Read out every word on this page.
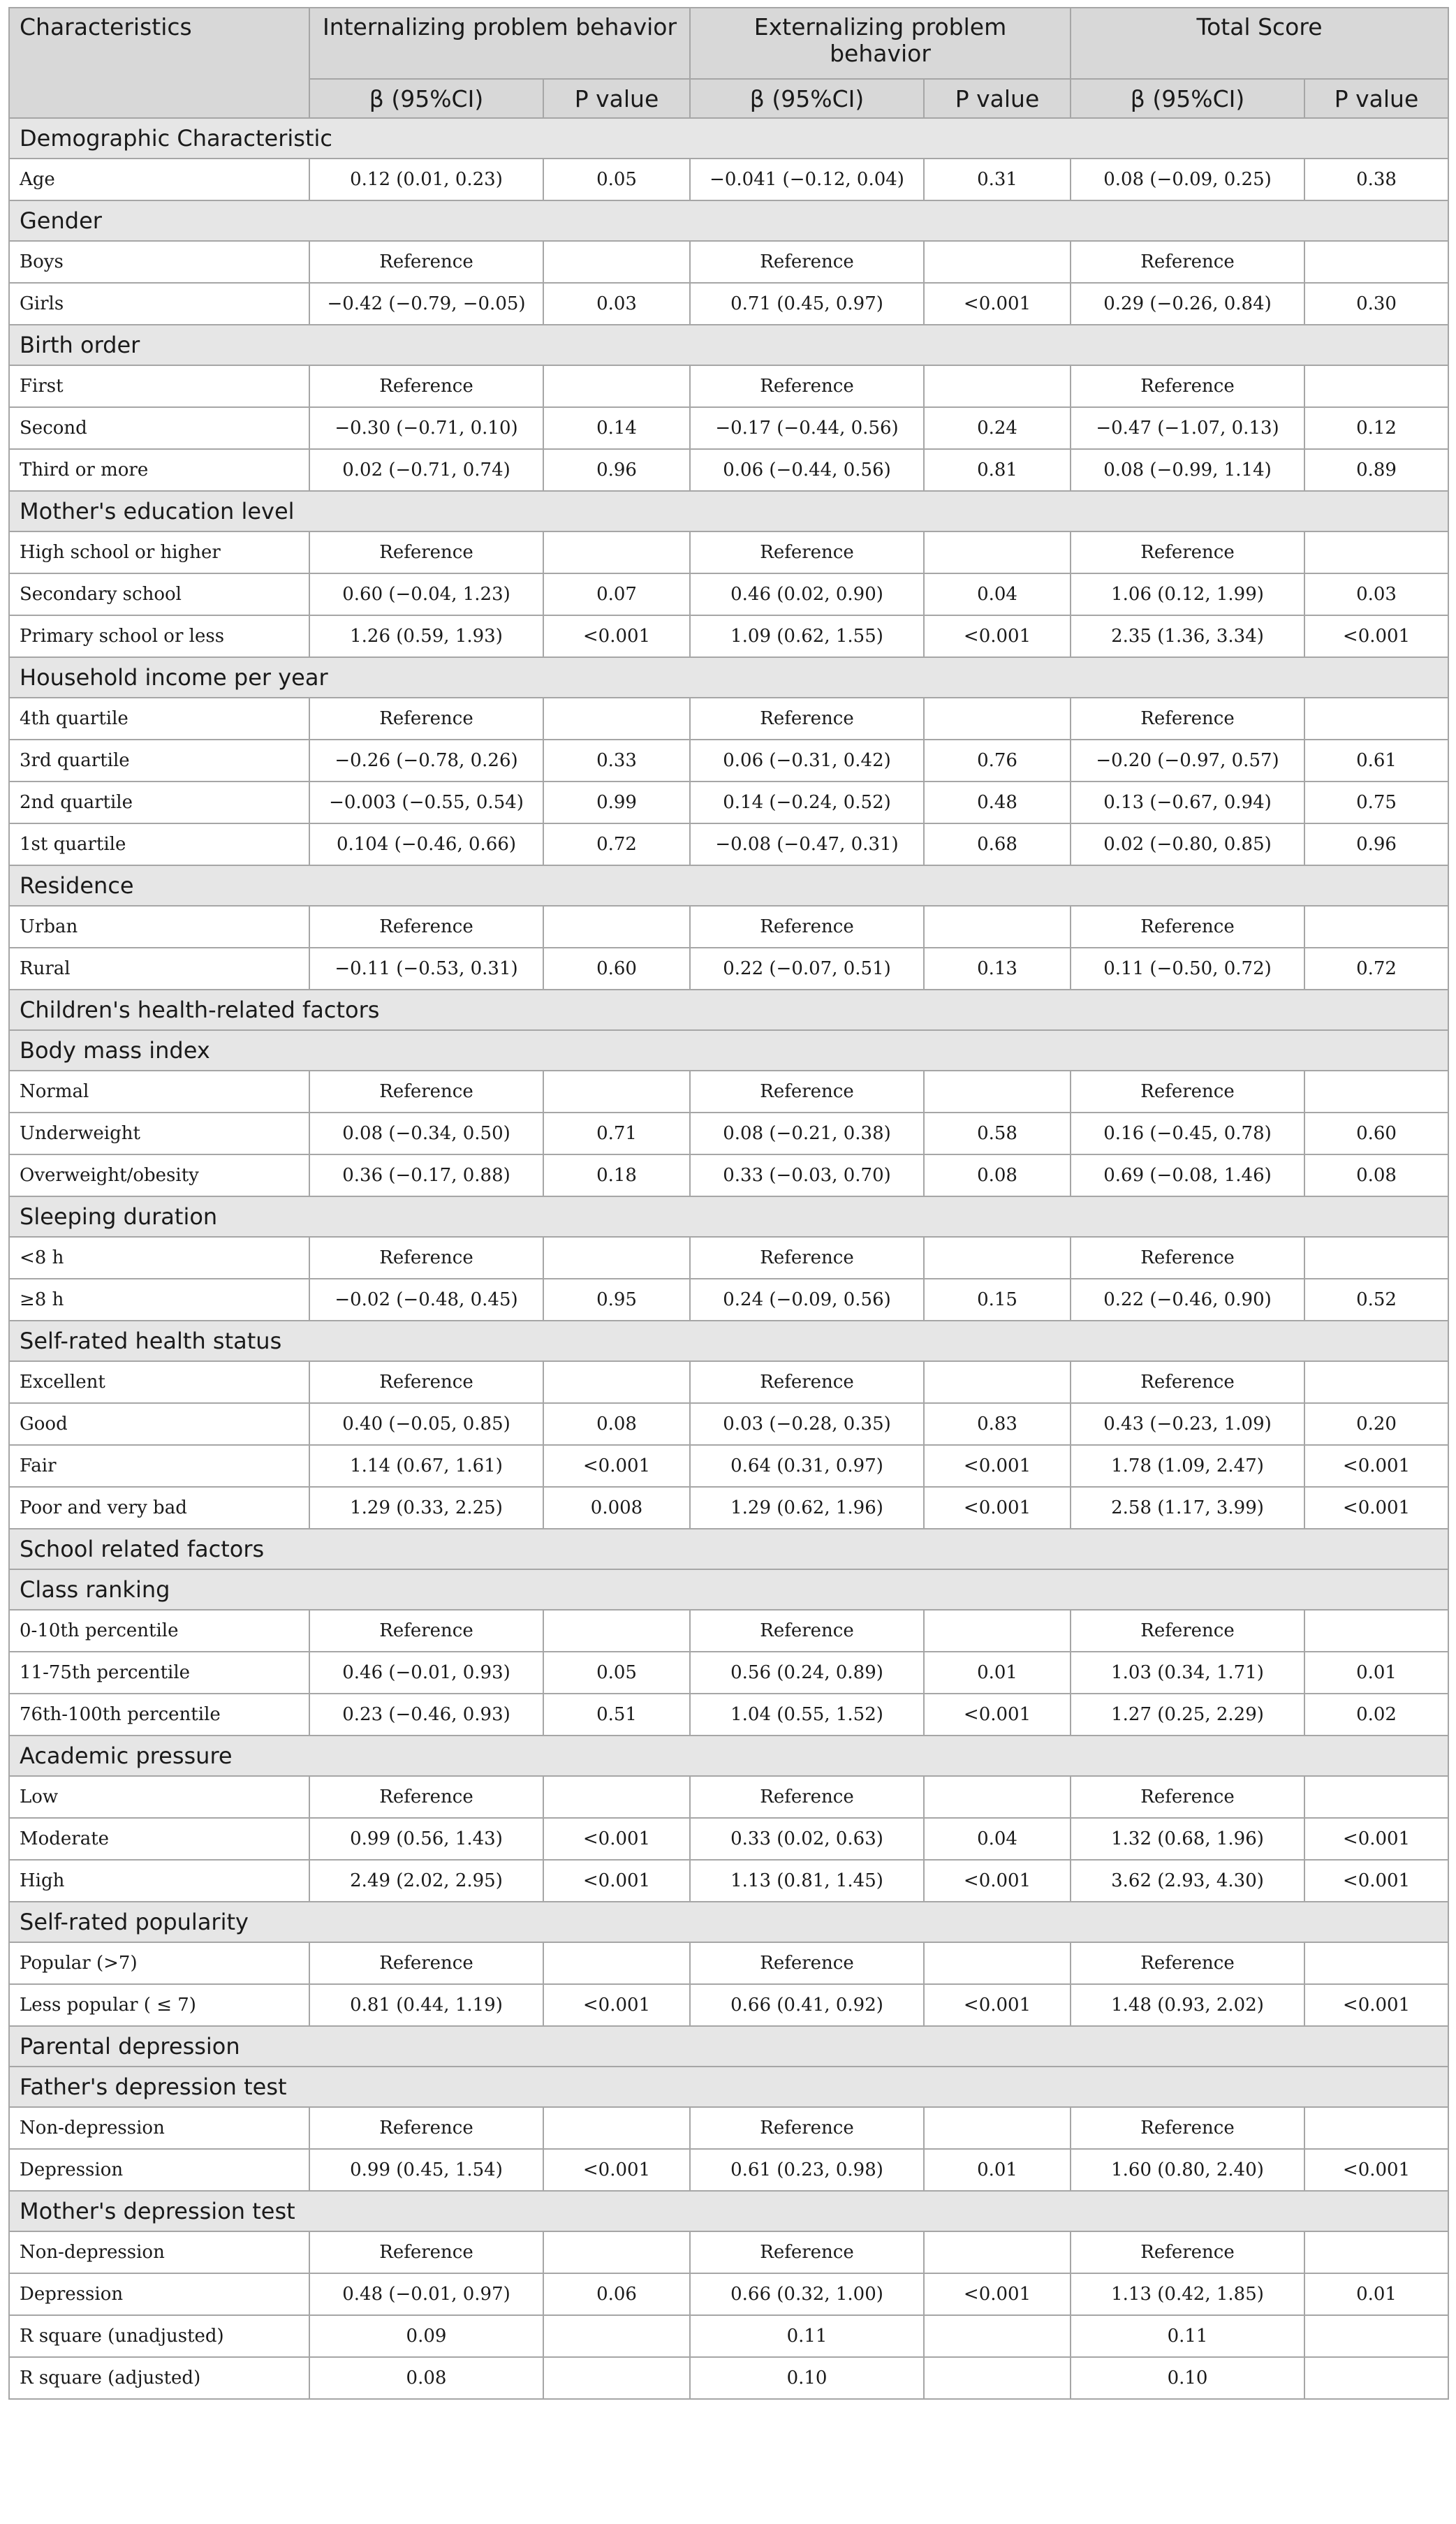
Characteristics	Internalizing problem behavior		Externalizing problem behavior		Total Score	
	β (95%CI)	P value	β (95%CI)	P value	β (95%CI)	P value
Demographic Characteristic						
Age	0.12 (0.01, 0.23)	0.05	−0.041 (−0.12, 0.04)	0.31	0.08 (−0.09, 0.25)	0.38
Gender						
Boys	Reference		Reference		Reference	
Girls	−0.42 (−0.79, −0.05)	0.03	0.71 (0.45, 0.97)	<0.001	0.29 (−0.26, 0.84)	0.30
Birth order						
First	Reference		Reference		Reference	
Second	−0.30 (−0.71, 0.10)	0.14	−0.17 (−0.44, 0.56)	0.24	−0.47 (−1.07, 0.13)	0.12
Third or more	0.02 (−0.71, 0.74)	0.96	0.06 (−0.44, 0.56)	0.81	0.08 (−0.99, 1.14)	0.89
Mother's education level						
High school or higher	Reference		Reference		Reference	
Secondary school	0.60 (−0.04, 1.23)	0.07	0.46 (0.02, 0.90)	0.04	1.06 (0.12, 1.99)	0.03
Primary school or less	1.26 (0.59, 1.93)	<0.001	1.09 (0.62, 1.55)	<0.001	2.35 (1.36, 3.34)	<0.001
Household income per year						
4th quartile	Reference		Reference		Reference	
3rd quartile	−0.26 (−0.78, 0.26)	0.33	0.06 (−0.31, 0.42)	0.76	−0.20 (−0.97, 0.57)	0.61
2nd quartile	−0.003 (−0.55, 0.54)	0.99	0.14 (−0.24, 0.52)	0.48	0.13 (−0.67, 0.94)	0.75
1st quartile	0.104 (−0.46, 0.66)	0.72	−0.08 (−0.47, 0.31)	0.68	0.02 (−0.80, 0.85)	0.96
Residence						
Urban	Reference		Reference		Reference	
Rural	−0.11 (−0.53, 0.31)	0.60	0.22 (−0.07, 0.51)	0.13	0.11 (−0.50, 0.72)	0.72
Children's health-related factors						
Body mass index						
Normal	Reference		Reference		Reference	
Underweight	0.08 (−0.34, 0.50)	0.71	0.08 (−0.21, 0.38)	0.58	0.16 (−0.45, 0.78)	0.60
Overweight/obesity	0.36 (−0.17, 0.88)	0.18	0.33 (−0.03, 0.70)	0.08	0.69 (−0.08, 1.46)	0.08
Sleeping duration						
<8 h	Reference		Reference		Reference	
≥8 h	−0.02 (−0.48, 0.45)	0.95	0.24 (−0.09, 0.56)	0.15	0.22 (−0.46, 0.90)	0.52
Self-rated health status						
Excellent	Reference		Reference		Reference	
Good	0.40 (−0.05, 0.85)	0.08	0.03 (−0.28, 0.35)	0.83	0.43 (−0.23, 1.09)	0.20
Fair	1.14 (0.67, 1.61)	<0.001	0.64 (0.31, 0.97)	<0.001	1.78 (1.09, 2.47)	<0.001
Poor and very bad	1.29 (0.33, 2.25)	0.008	1.29 (0.62, 1.96)	<0.001	2.58 (1.17, 3.99)	<0.001
School related factors						
Class ranking						
0-10th percentile	Reference		Reference		Reference	
11-75th percentile	0.46 (−0.01, 0.93)	0.05	0.56 (0.24, 0.89)	0.01	1.03 (0.34, 1.71)	0.01
76th-100th percentile	0.23 (−0.46, 0.93)	0.51	1.04 (0.55, 1.52)	<0.001	1.27 (0.25, 2.29)	0.02
Academic pressure						
Low	Reference		Reference		Reference	
Moderate	0.99 (0.56, 1.43)	<0.001	0.33 (0.02, 0.63)	0.04	1.32 (0.68, 1.96)	<0.001
High	2.49 (2.02, 2.95)	<0.001	1.13 (0.81, 1.45)	<0.001	3.62 (2.93, 4.30)	<0.001
Self-rated popularity						
Popular (>7)	Reference		Reference		Reference	
Less popular ( ≤ 7)	0.81 (0.44, 1.19)	<0.001	0.66 (0.41, 0.92)	<0.001	1.48 (0.93, 2.02)	<0.001
Parental depression						
Father's depression test						
Non-depression	Reference		Reference		Reference	
Depression	0.99 (0.45, 1.54)	<0.001	0.61 (0.23, 0.98)	0.01	1.60 (0.80, 2.40)	<0.001
Mother's depression test						
Non-depression	Reference		Reference		Reference	
Depression	0.48 (−0.01, 0.97)	0.06	0.66 (0.32, 1.00)	<0.001	1.13 (0.42, 1.85)	0.01
R square (unadjusted)	0.09		0.11		0.11	
R square (adjusted)	0.08		0.10		0.10	
